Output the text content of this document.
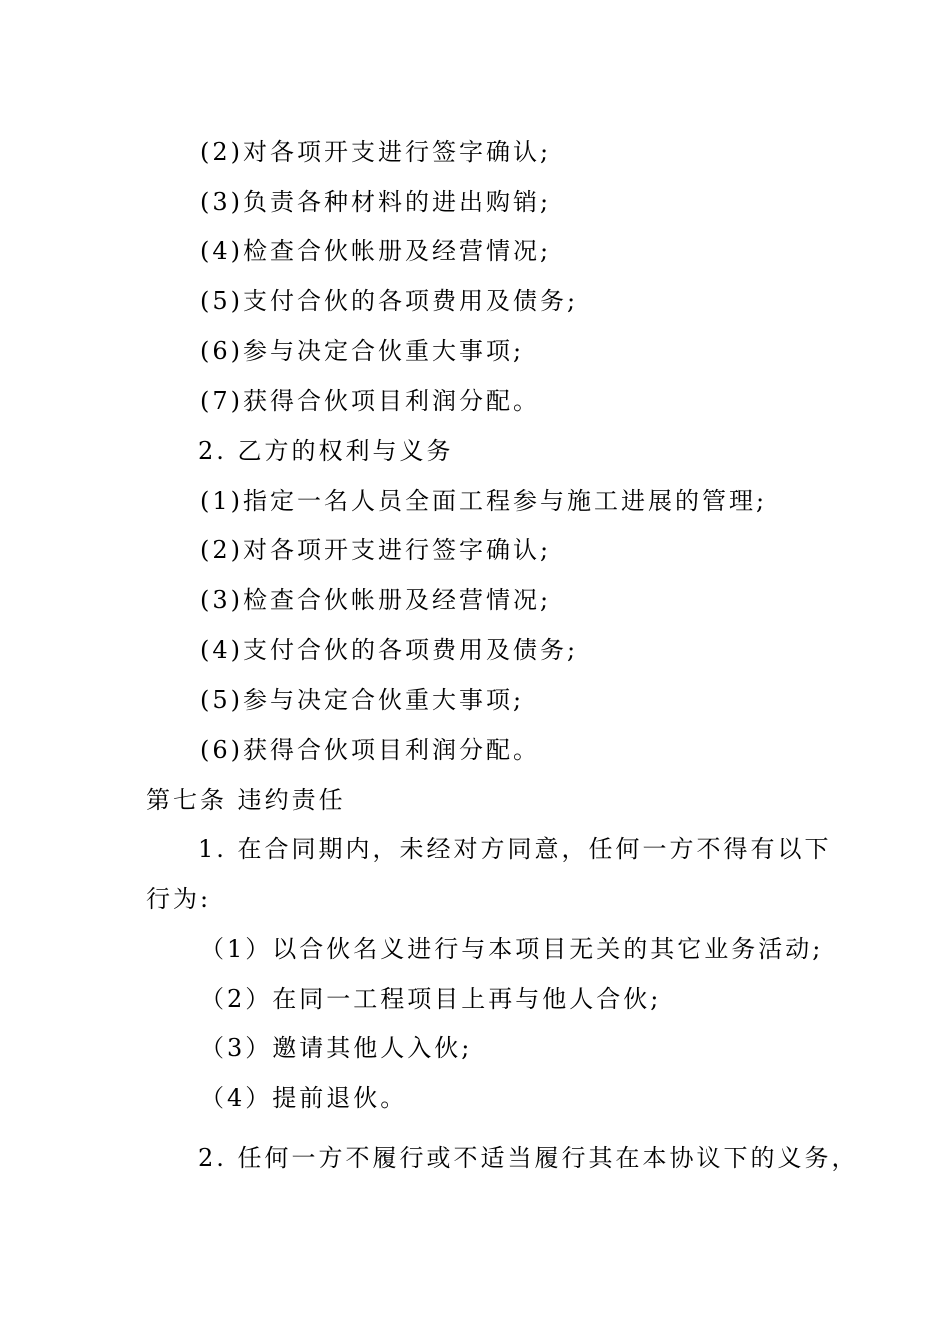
(2)对各项开支进行签字确认;
(3)负责各种材料的进出购销;
(4)检查合伙帐册及经营情况;
(5)支付合伙的各项费用及债务;
(6)参与决定合伙重大事项;
(7)获得合伙项目利润分配。
2. 乙方的权利与义务
(1)指定一名人员全面工程参与施工进展的管理;
(2)对各项开支进行签字确认;
(3)检查合伙帐册及经营情况;
(4)支付合伙的各项费用及债务;
(5)参与决定合伙重大事项;
(6)获得合伙项目利润分配。
第七条 违约责任
1. 在合同期内，未经对方同意，任何一方不得有以下
行为:
（1）以合伙名义进行与本项目无关的其它业务活动;
（2）在同一工程项目上再与他人合伙;
（3）邀请其他人入伙;
（4）提前退伙。
2. 任何一方不履行或不适当履行其在本协议下的义务，
